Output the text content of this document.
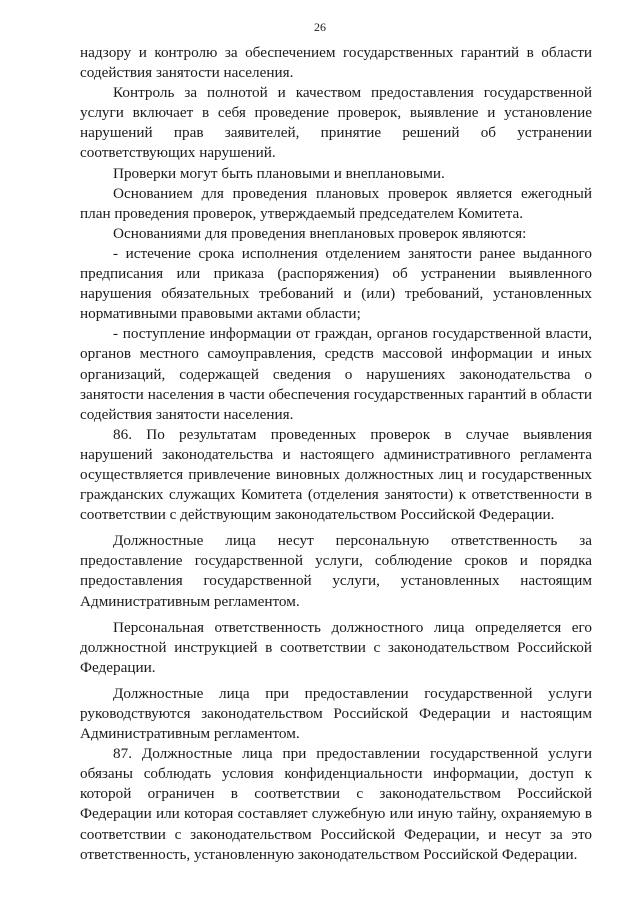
26

надзору и контролю за обеспечением государственных гарантий в области содействия занятости населения.

Контроль за полнотой и качеством предоставления государственной услуги включает в себя проведение проверок, выявление и установление нарушений прав заявителей, принятие решений об устранении соответствующих нарушений.

Проверки могут быть плановыми и внеплановыми.

Основанием для проведения плановых проверок является ежегодный план проведения проверок, утверждаемый председателем Комитета.

Основаниями для проведения внеплановых проверок являются:

- истечение срока исполнения отделением занятости ранее выданного предписания или приказа (распоряжения) об устранении выявленного нарушения обязательных требований и (или) требований, установленных нормативными правовыми актами области;

- поступление информации от граждан, органов государственной власти, органов местного самоуправления, средств массовой информации и иных организаций, содержащей сведения о нарушениях законодательства о занятости населения в части обеспечения государственных гарантий в области содействия занятости населения.

86. По результатам проведенных проверок в случае выявления нарушений законодательства и настоящего административного регламента осуществляется привлечение виновных должностных лиц и государственных гражданских служащих Комитета (отделения занятости) к ответственности в соответствии с действующим законодательством Российской Федерации.

Должностные лица несут персональную ответственность за предоставление государственной услуги, соблюдение сроков и порядка предоставления государственной услуги, установленных настоящим Административным регламентом.

Персональная ответственность должностного лица определяется его должностной инструкцией в соответствии с законодательством Российской Федерации.

Должностные лица при предоставлении государственной услуги руководствуются законодательством Российской Федерации и настоящим Административным регламентом.

87. Должностные лица при предоставлении государственной услуги обязаны соблюдать условия конфиденциальности информации, доступ к которой ограничен в соответствии с законодательством Российской Федерации или которая составляет служебную или иную тайну, охраняемую в соответствии с законодательством Российской Федерации, и несут за это ответственность, установленную законодательством Российской Федерации.
